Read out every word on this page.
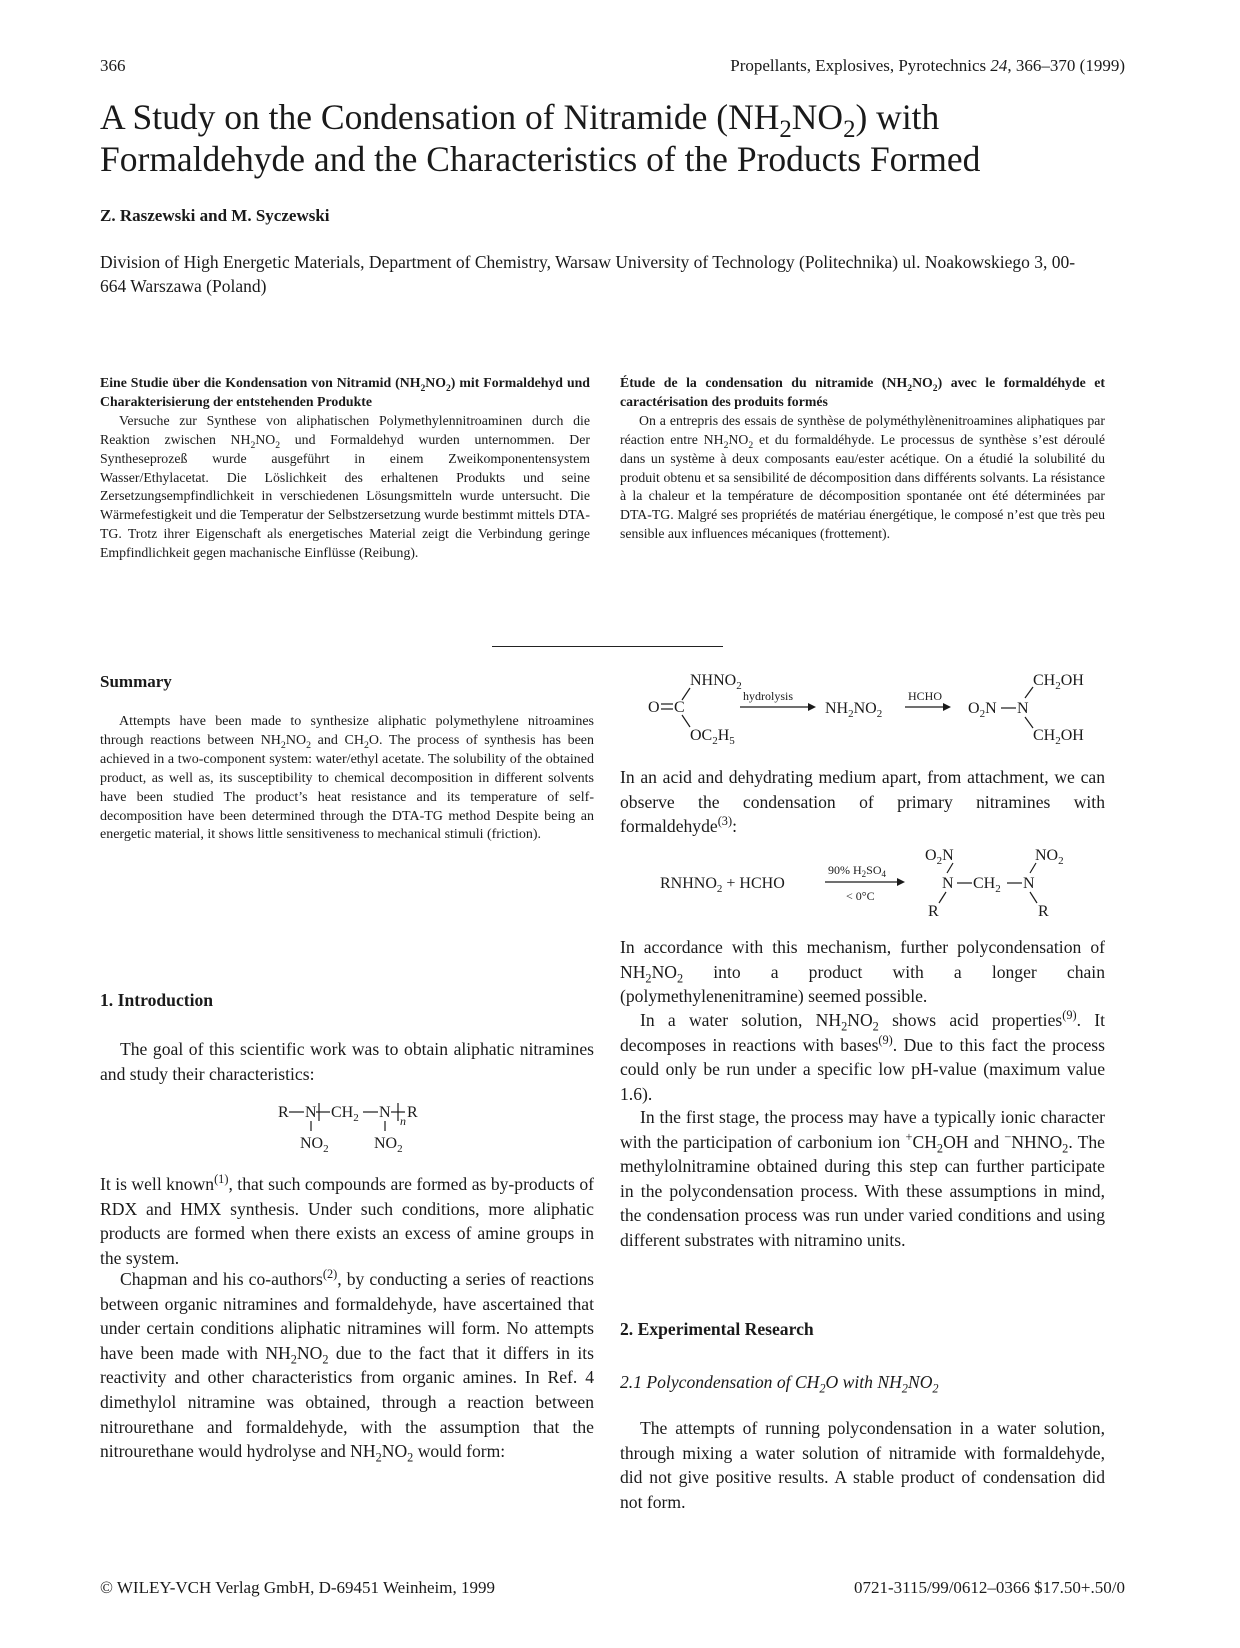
366	Propellants, Explosives, Pyrotechnics 24, 366–370 (1999)
A Study on the Condensation of Nitramide $(NH_2NO_2)$ with
Formaldehyde and the Characteristics of the Products Formed
Z. Raszewski and M. Syczewski
Division of High Energetic Materials, Department of Chemistry, Warsaw University of Technology (Politechnika) ul. Noakowskiego 3, 00-664 Warszawa (Poland)
Eine Studie über die Kondensation von Nitramid $(NH_2NO_2)$ mit Formaldehyd und Charakterisierung der entstehenden Produkte
Versuche zur Synthese von aliphatischen Polymethylennitroaminen durch die Reaktion zwischen $NH_2NO_2$ und Formaldehyd wurden unternommen. Der Syntheseprozeß wurde ausgeführt in einem Zweikomponentensystem Wasser/Ethylacetat. Die Löslichkeit des erhaltenen Produkts und seine Zersetzungsempfindlichkeit in verschiedenen Lösungsmitteln wurde untersucht. Die Wärmefestigkeit und die Temperatur der Selbstzersetzung wurde bestimmt mittels DTA-TG. Trotz ihrer Eigenschaft als energetisches Material zeigt die Verbindung geringe Empfindlichkeit gegen machanische Einflüsse (Reibung).
Étude de la condensation du nitramide $(NH_2NO_2)$ avec le formaldéhyde et caractérisation des produits formés
On a entrepris des essais de synthèse de polyméthylènenitroamines aliphatiques par réaction entre $NH_2NO_2$ et du formaldéhyde. Le processus de synthèse s’est déroulé dans un système à deux composants eau/ester acétique. On a étudié la solubilité du produit obtenu et sa sensibilité de décomposition dans différents solvants. La résistance à la chaleur et la température de décomposition spontanée ont été déterminées par DTA-TG. Malgré ses propriétés de matériau énergétique, le composé n’est que très peu sensible aux influences mécaniques (frottement).
Summary
Attempts have been made to synthesize aliphatic polymethylene nitroamines through reactions between $NH_2NO_2$ and $CH_2O$. The process of synthesis has been achieved in a two-component system: water/ethyl acetate. The solubility of the obtained product, as well as, its susceptibility to chemical decomposition in different solvents have been studied The product’s heat resistance and its temperature of self-decomposition have been determined through the DTA-TG method Despite being an energetic material, it shows little sensitiveness to mechanical stimuli (friction).
1. Introduction
The goal of this scientific work was to obtain aliphatic nitramines and study their characteristics:
R N $CH_2$ N n R
$NO_2$	$NO_2$
It is well known$^{(1)}$, that such compounds are formed as by-products of RDX and HMX synthesis. Under such conditions, more aliphatic products are formed when there exists an excess of amine groups in the system.
Chapman and his co-authors$^{(2)}$, by conducting a series of reactions between organic nitramines and formaldehyde, have ascertained that under certain conditions aliphatic nitramines will form. No attempts have been made with $NH_2NO_2$ due to the fact that it differs in its reactivity and other characteristics from organic amines. In Ref. 4 dimethylol nitramine was obtained, through a reaction between nitrourethane and formaldehyde, with the assumption that the nitrourethane would hydrolyse and $NH_2NO_2$ would form:
$NHNO_2$
O C
$OC_2H_5$
hydrolysis
$NH_2NO_2$
HCHO
$O_2N$ N
$CH_2OH$
$CH_2OH$
In an acid and dehydrating medium apart, from attachment, we can observe the condensation of primary nitramines with formaldehyde$^{(3)}$:
$RNHNO_2$ + HCHO
90% $H_2SO_4$
< 0°C
$O_2N$
N
R
$CH_2$ N
$NO_2$
R
In accordance with this mechanism, further polycondensation of $NH_2NO_2$ into a product with a longer chain (polymethylenenitramine) seemed possible.
In a water solution, $NH_2NO_2$ shows acid properties$^{(9)}$. It decomposes in reactions with bases$^{(9)}$. Due to this fact the process could only be run under a specific low pH-value (maximum value 1.6).
In the first stage, the process may have a typically ionic character with the participation of carbonium ion $^+CH_2OH$ and $^-NHNO_2$. The methylolnitramine obtained during this step can further participate in the polycondensation process. With these assumptions in mind, the condensation process was run under varied conditions and using different substrates with nitramino units.
2. Experimental Research
2.1 Polycondensation of $CH_2O$ with $NH_2NO_2$
The attempts of running polycondensation in a water solution, through mixing a water solution of nitramide with formaldehyde, did not give positive results. A stable product of condensation did not form.
© WILEY-VCH Verlag GmbH, D-69451 Weinheim, 1999	0721-3115/99/0612–0366 $17.50+.50/0
